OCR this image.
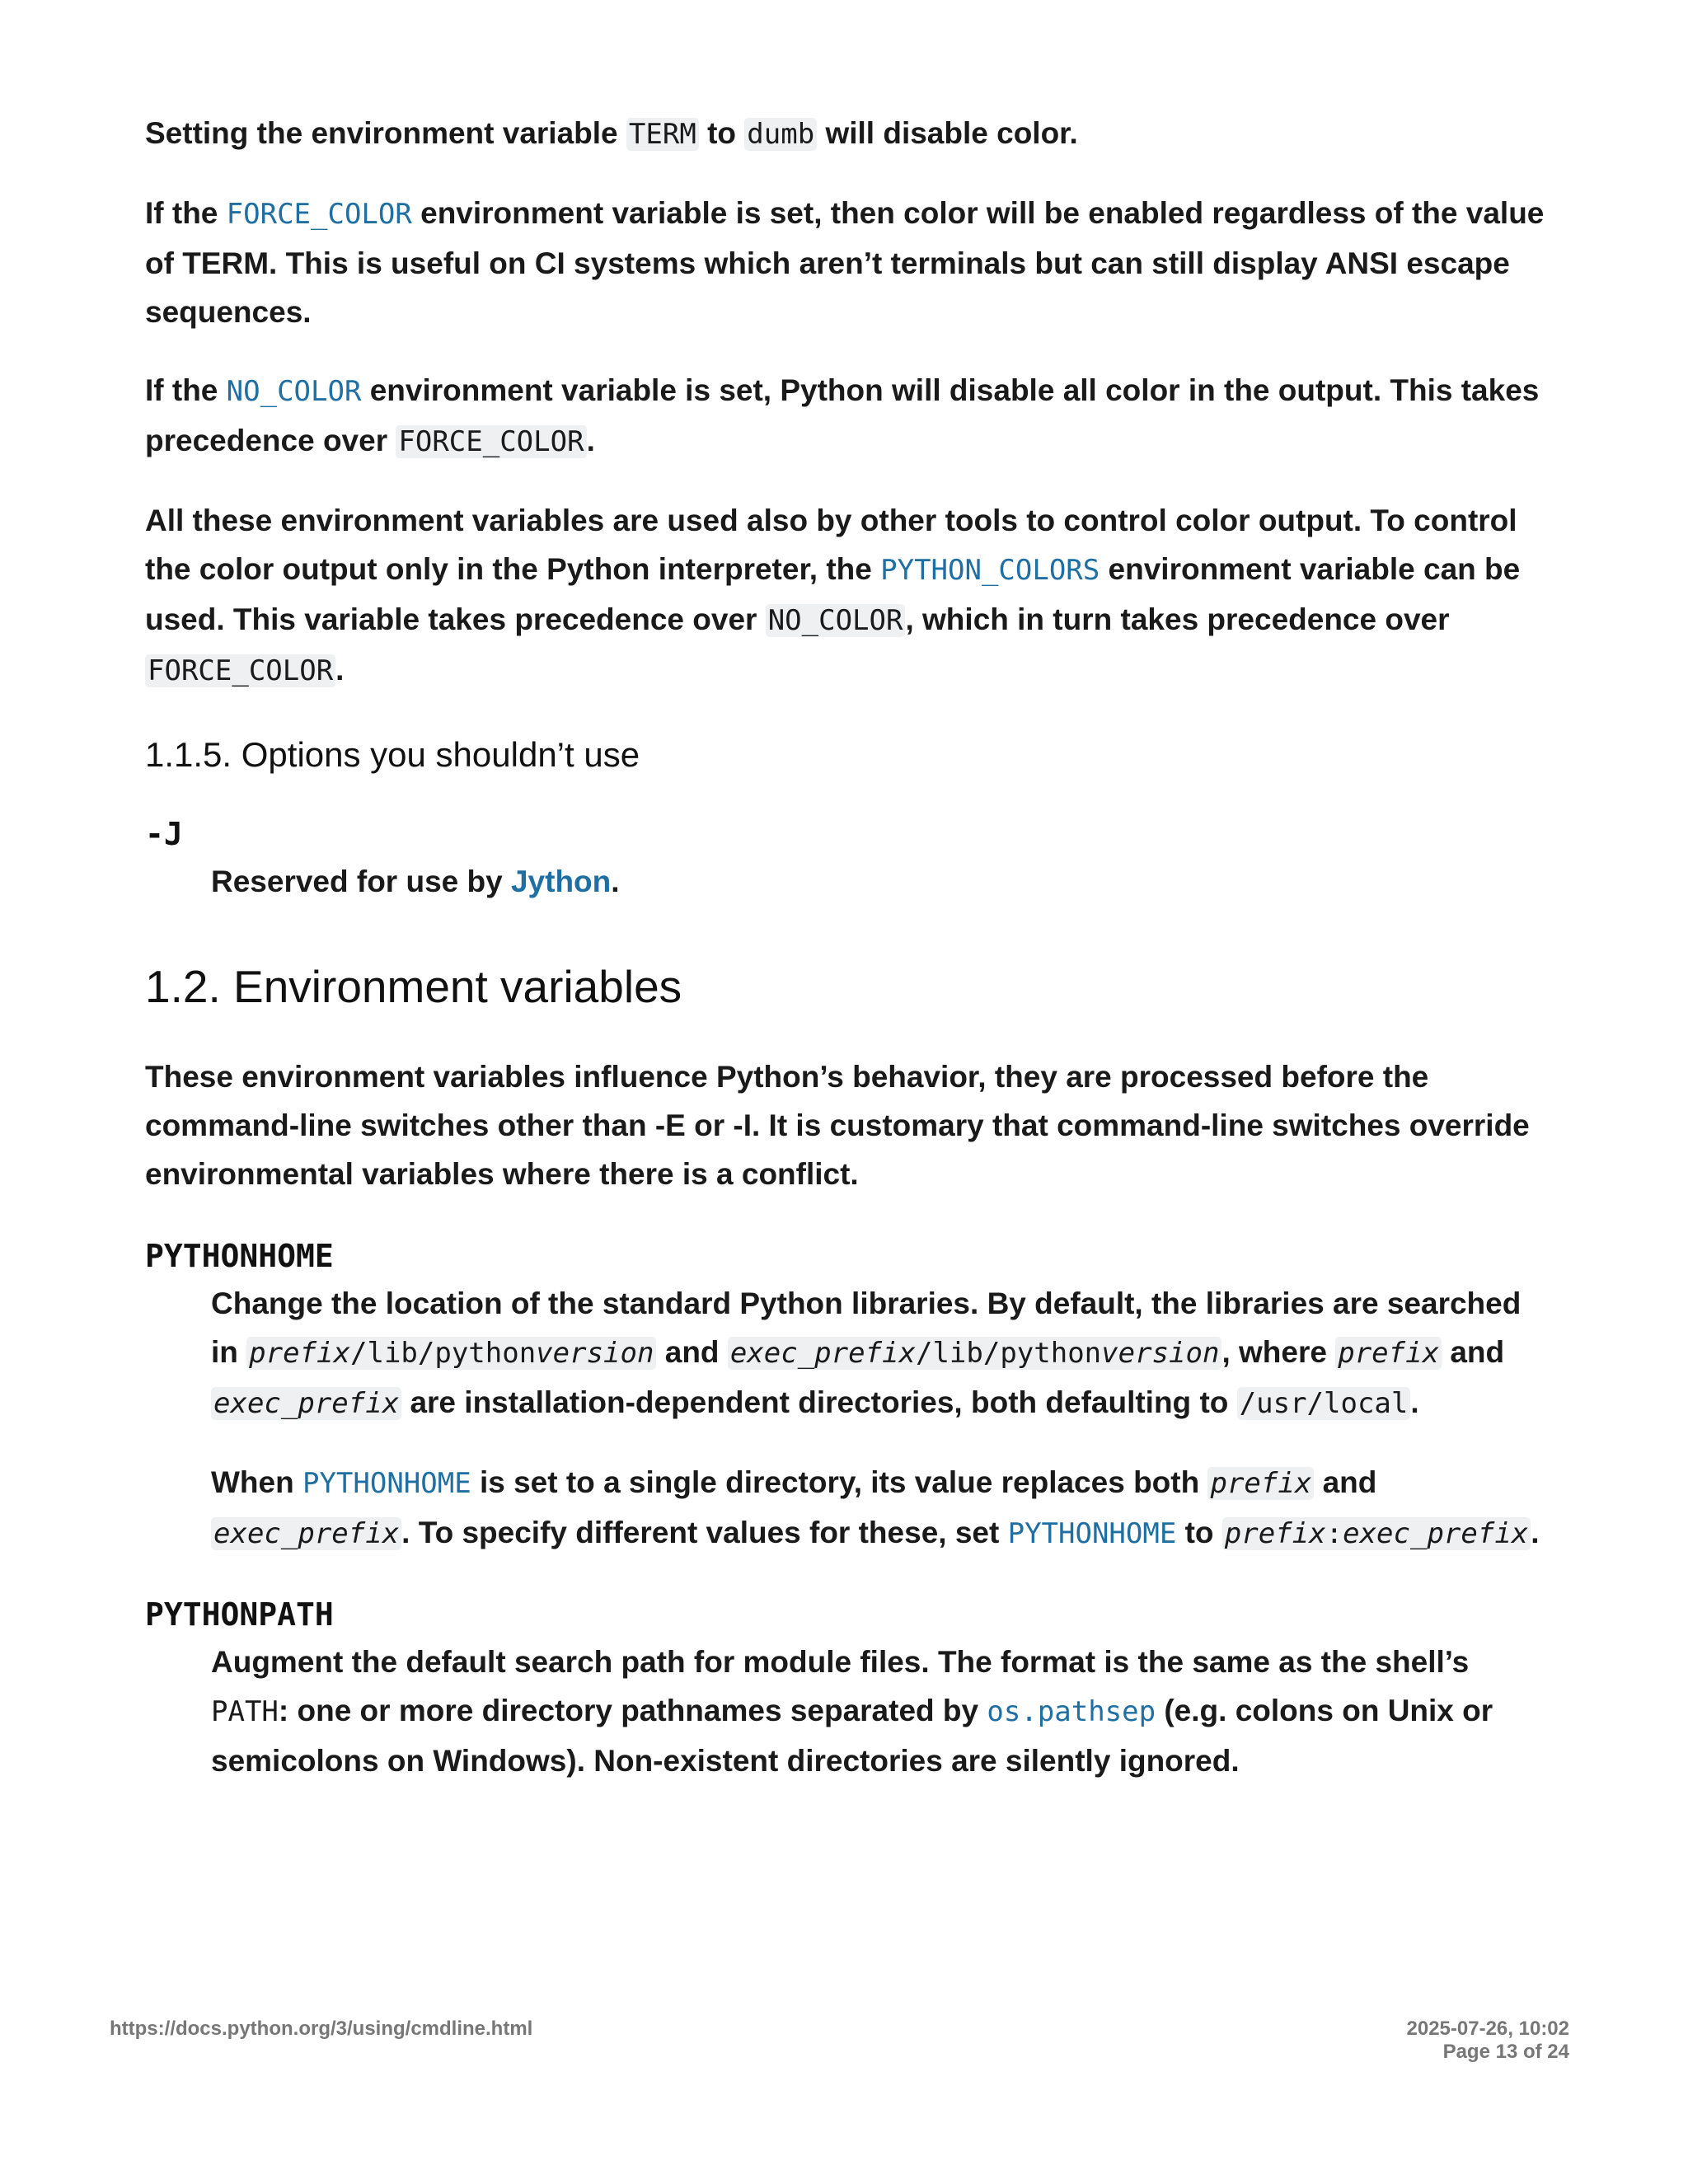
Setting the environment variable TERM to dumb will disable color.

If the FORCE_COLOR environment variable is set, then color will be enabled regardless of the value of TERM. This is useful on CI systems which aren’t terminals but can still display ANSI escape sequences.

If the NO_COLOR environment variable is set, Python will disable all color in the output. This takes precedence over FORCE_COLOR.

All these environment variables are used also by other tools to control color output. To control the color output only in the Python interpreter, the PYTHON_COLORS environment variable can be used. This variable takes precedence over NO_COLOR, which in turn takes precedence over FORCE_COLOR.

1.1.5. Options you shouldn’t use
-J

Reserved for use by Jython.

1.2. Environment variables

These environment variables influence Python’s behavior, they are processed before the command-line switches other than -E or -I. It is customary that command-line switches override environmental variables where there is a conflict.

PYTHONHOME

Change the location of the standard Python libraries. By default, the libraries are searched in prefix/lib/pythonversion and exec_prefix/lib/pythonversion, where prefix and exec_prefix are installation-dependent directories, both defaulting to /usr/local.

When PYTHONHOME is set to a single directory, its value replaces both prefix and exec_prefix. To specify different values for these, set PYTHONHOME to prefix:exec_prefix.

PYTHONPATH

Augment the default search path for module files. The format is the same as the shell’s PATH: one or more directory pathnames separated by os.pathsep (e.g. colons on Unix or semicolons on Windows). Non-existent directories are silently ignored.

https://docs.python.org/3/using/cmdline.html	2025-07-26, 10:02
Page 13 of 24
